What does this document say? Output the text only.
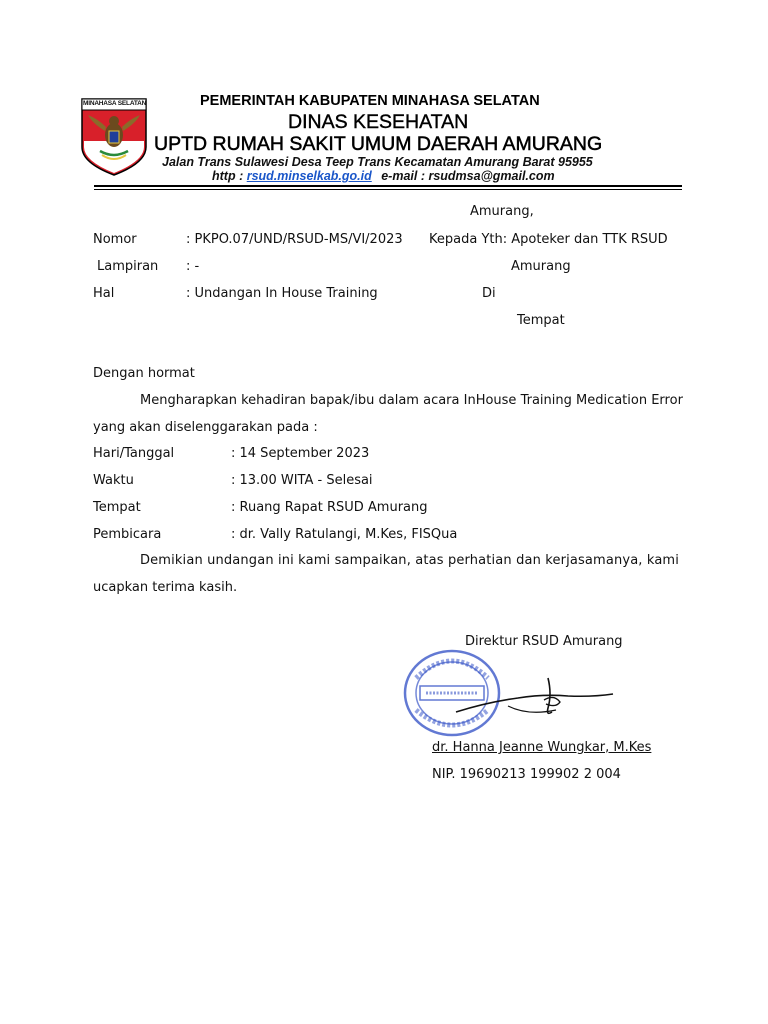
MINAHASA SELATAN	PEMERINTAH KABUPATEN MINAHASA SELATAN
DINAS KESEHATAN
UPTD RUMAH SAKIT UMUM DAERAH AMURANG
Jalan Trans Sulawesi Desa Teep Trans Kecamatan Amurang Barat 95955
http : rsud.minselkab.go.id e-mail : rsudmsa@gmail.com
Amurang,
Nomor	: PKPO.07/UND/RSUD-MS/VI/2023
Lampiran : -
Hal	: Undangan In House Training
Kepada Yth: Apoteker dan TTK RSUD
Amurang
Di
Tempat
Dengan hormat
Mengharapkan kehadiran bapak/ibu dalam acara InHouse Training Medication Error
yang akan diselenggarakan pada :
Hari/Tanggal	: 14 September 2023
Waktu	: 13.00 WITA - Selesai
Tempat	: Ruang Rapat RSUD Amurang
Pembicara	: dr. Vally Ratulangi, M.Kes, FISQua
Demikian undangan ini kami sampaikan, atas perhatian dan kerjasamanya, kami
ucapkan terima kasih.
Direktur RSUD Amurang
dr. Hanna Jeanne Wungkar, M.Kes
NIP. 19690213 199902 2 004
